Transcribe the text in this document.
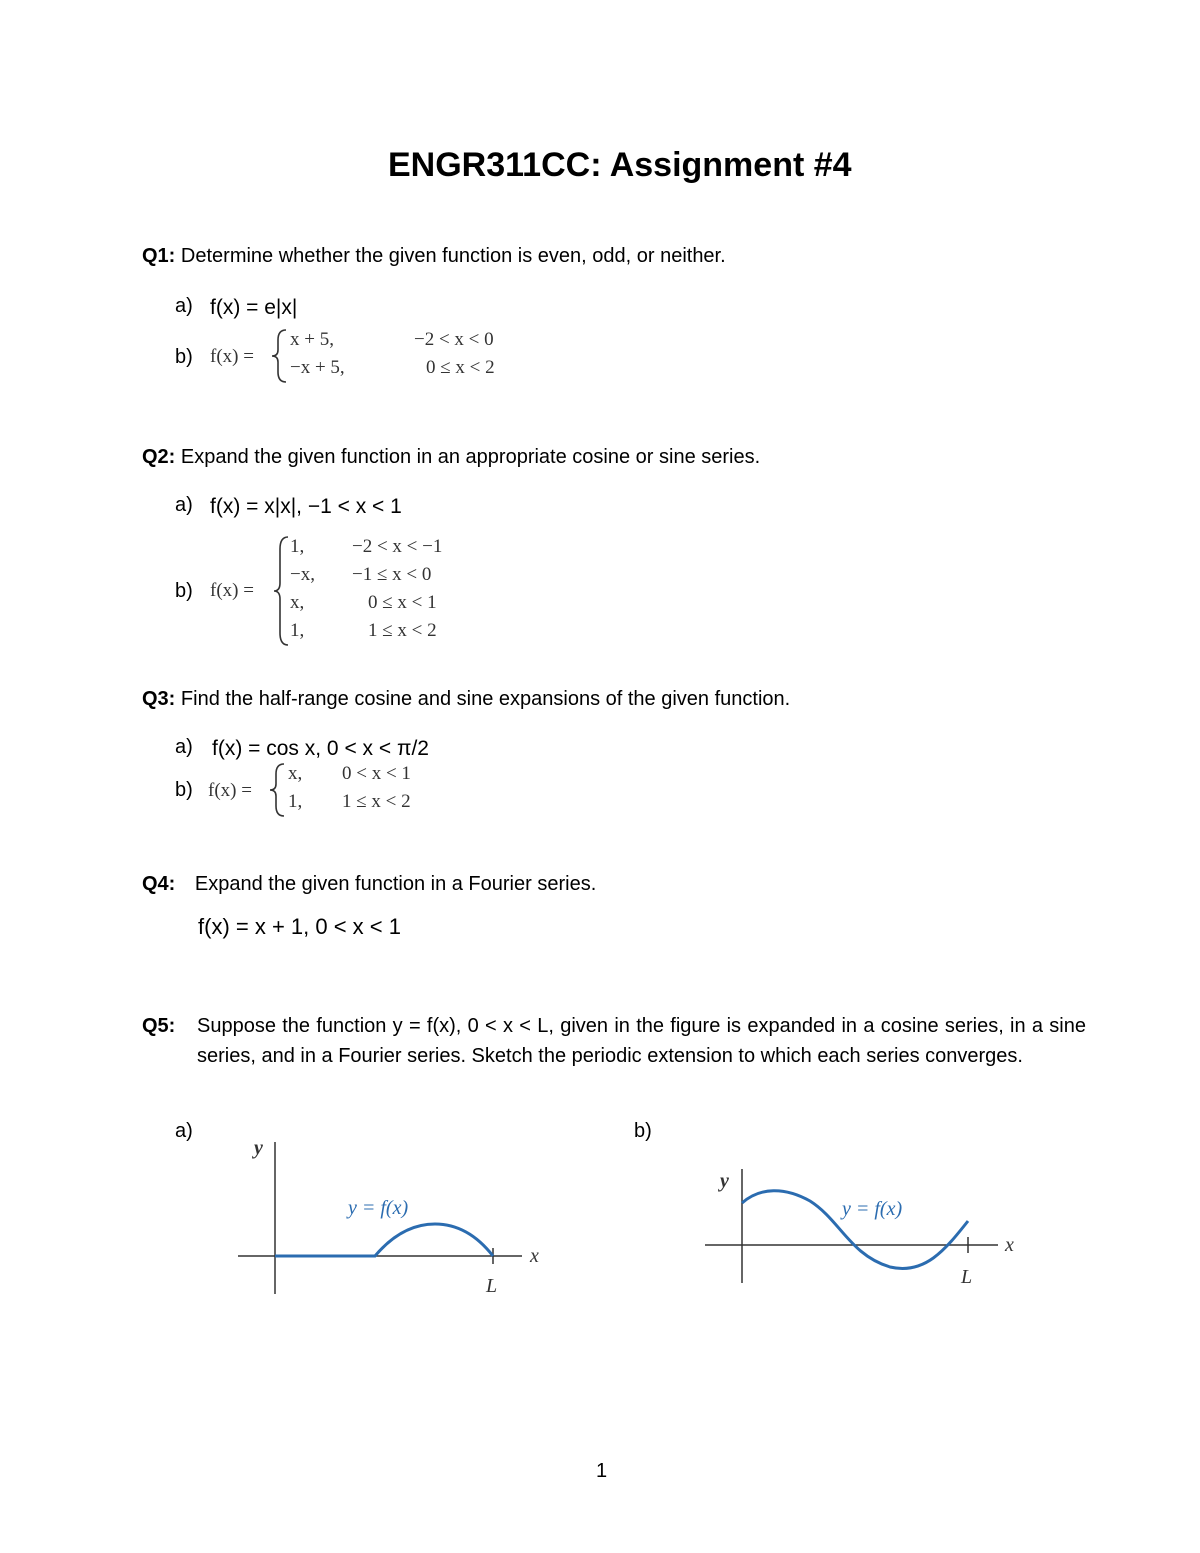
ENGR311CC: Assignment #4
Q1: Determine whether the given function is even, odd, or neither.
a) f(x) = e|x|
b) f(x) =
x + 5,	−2 < x < 0
−x + 5,	0 ≤ x < 2
Q2: Expand the given function in an appropriate cosine or sine series.
a) f(x) = x|x|, −1 < x < 1
b) f(x) =
1,	−2 < x < −1
−x,	−1 ≤ x < 0
x,	0 ≤ x < 1
1,	1 ≤ x < 2
Q3: Find the half-range cosine and sine expansions of the given function.
a) f(x) = cos x, 0 < x < π/2
b) f(x) =
x,	0 < x < 1
1,	1 ≤ x < 2
Q4: Expand the given function in a Fourier series.
f(x) = x + 1, 0 < x < 1
Q5: Suppose the function y = f(x), 0 < x < L, given in the figure is expanded in a cosine series, in a sine series, and in a Fourier series. Sketch the periodic extension to which each series converges.
a)
y
x
L
y = f(x)
b)
y
x
L
y = f(x)
1
